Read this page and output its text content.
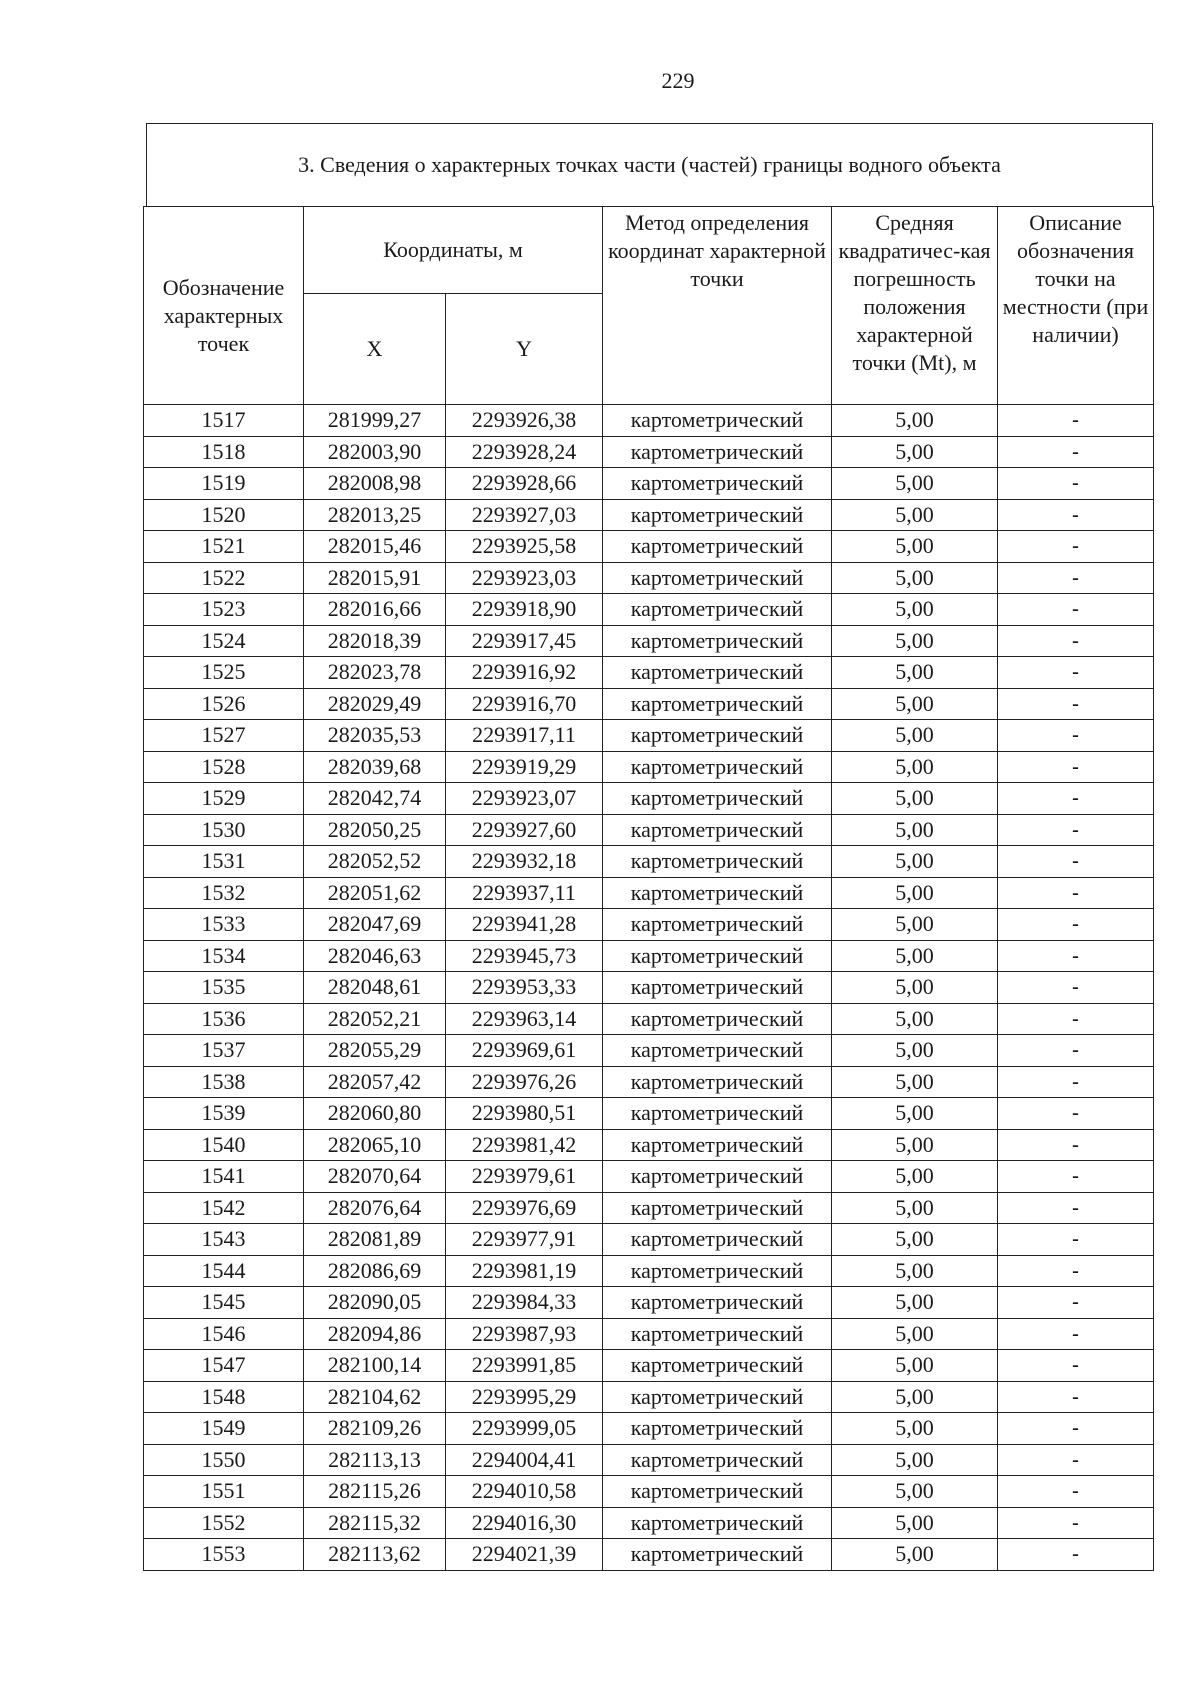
229
3. Сведения о характерных точках части (частей) границы водного объекта
Обозначение характерных точек	Координаты, м		Метод определения координат характерной точки	Средняя квадратичес-кая погрешность положения характерной точки (Mt), м	Описание обозначения точки на местности (при наличии)
	X	Y			
1517	281999,27	2293926,38	картометрический	5,00	-
1518	282003,90	2293928,24	картометрический	5,00	-
1519	282008,98	2293928,66	картометрический	5,00	-
1520	282013,25	2293927,03	картометрический	5,00	-
1521	282015,46	2293925,58	картометрический	5,00	-
1522	282015,91	2293923,03	картометрический	5,00	-
1523	282016,66	2293918,90	картометрический	5,00	-
1524	282018,39	2293917,45	картометрический	5,00	-
1525	282023,78	2293916,92	картометрический	5,00	-
1526	282029,49	2293916,70	картометрический	5,00	-
1527	282035,53	2293917,11	картометрический	5,00	-
1528	282039,68	2293919,29	картометрический	5,00	-
1529	282042,74	2293923,07	картометрический	5,00	-
1530	282050,25	2293927,60	картометрический	5,00	-
1531	282052,52	2293932,18	картометрический	5,00	-
1532	282051,62	2293937,11	картометрический	5,00	-
1533	282047,69	2293941,28	картометрический	5,00	-
1534	282046,63	2293945,73	картометрический	5,00	-
1535	282048,61	2293953,33	картометрический	5,00	-
1536	282052,21	2293963,14	картометрический	5,00	-
1537	282055,29	2293969,61	картометрический	5,00	-
1538	282057,42	2293976,26	картометрический	5,00	-
1539	282060,80	2293980,51	картометрический	5,00	-
1540	282065,10	2293981,42	картометрический	5,00	-
1541	282070,64	2293979,61	картометрический	5,00	-
1542	282076,64	2293976,69	картометрический	5,00	-
1543	282081,89	2293977,91	картометрический	5,00	-
1544	282086,69	2293981,19	картометрический	5,00	-
1545	282090,05	2293984,33	картометрический	5,00	-
1546	282094,86	2293987,93	картометрический	5,00	-
1547	282100,14	2293991,85	картометрический	5,00	-
1548	282104,62	2293995,29	картометрический	5,00	-
1549	282109,26	2293999,05	картометрический	5,00	-
1550	282113,13	2294004,41	картометрический	5,00	-
1551	282115,26	2294010,58	картометрический	5,00	-
1552	282115,32	2294016,30	картометрический	5,00	-
1553	282113,62	2294021,39	картометрический	5,00	-
